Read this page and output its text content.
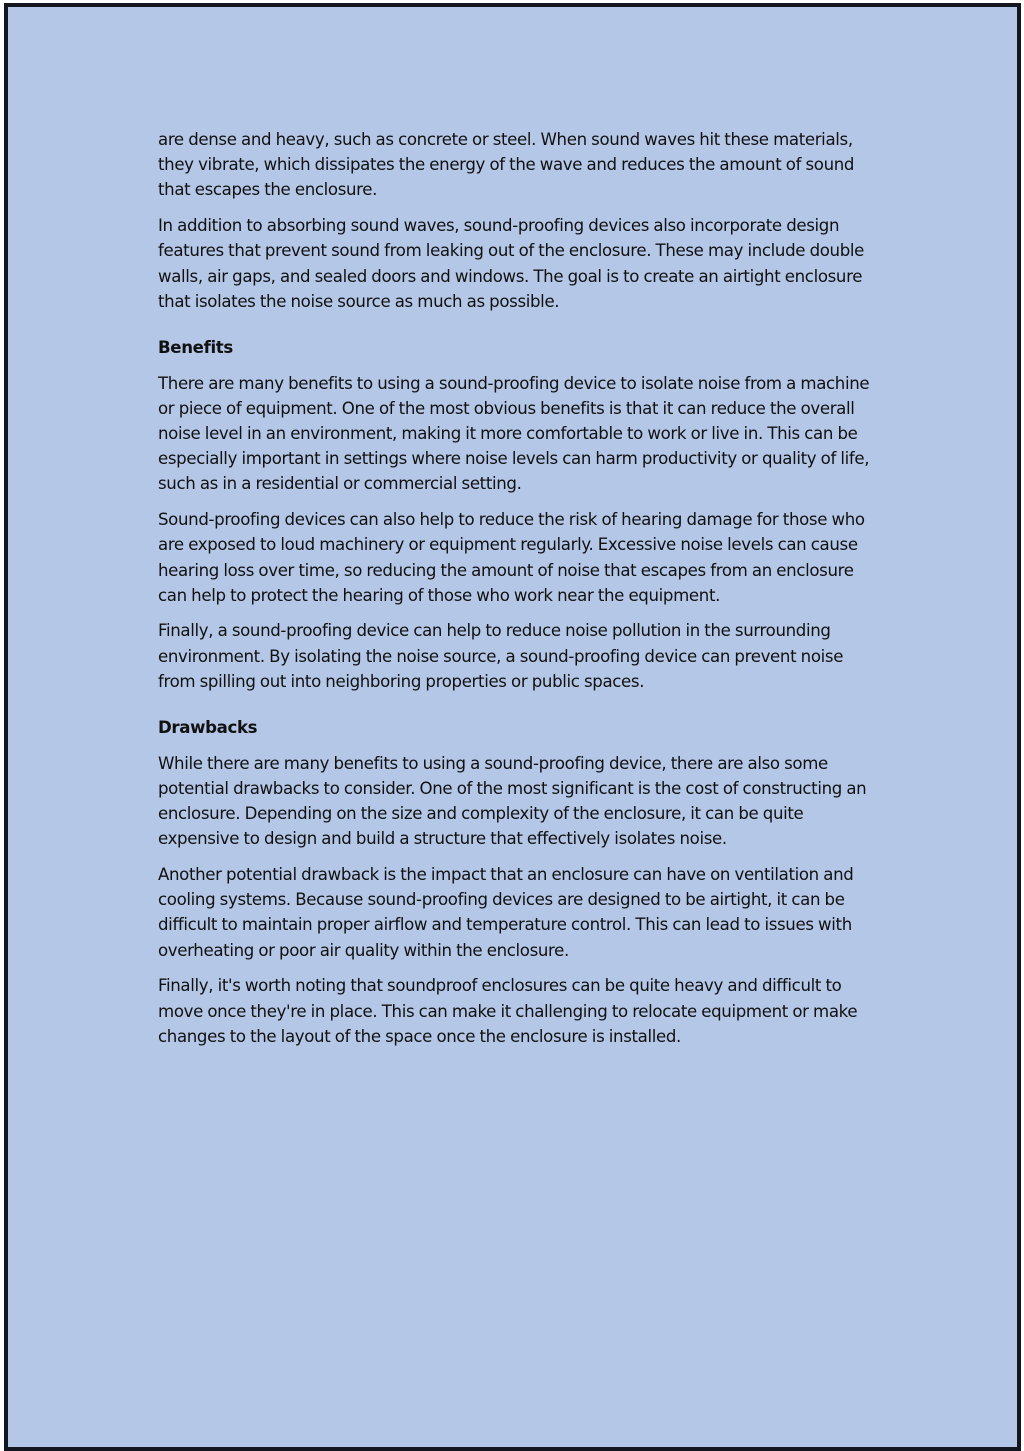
are dense and heavy, such as concrete or steel. When sound waves hit these materials, they vibrate, which dissipates the energy of the wave and reduces the amount of sound that escapes the enclosure.

In addition to absorbing sound waves, sound-proofing devices also incorporate design features that prevent sound from leaking out of the enclosure. These may include double walls, air gaps, and sealed doors and windows. The goal is to create an airtight enclosure that isolates the noise source as much as possible.

Benefits

There are many benefits to using a sound-proofing device to isolate noise from a machine or piece of equipment. One of the most obvious benefits is that it can reduce the overall noise level in an environment, making it more comfortable to work or live in. This can be especially important in settings where noise levels can harm productivity or quality of life, such as in a residential or commercial setting.

Sound-proofing devices can also help to reduce the risk of hearing damage for those who are exposed to loud machinery or equipment regularly. Excessive noise levels can cause hearing loss over time, so reducing the amount of noise that escapes from an enclosure can help to protect the hearing of those who work near the equipment.

Finally, a sound-proofing device can help to reduce noise pollution in the surrounding environment. By isolating the noise source, a sound-proofing device can prevent noise from spilling out into neighboring properties or public spaces.

Drawbacks

While there are many benefits to using a sound-proofing device, there are also some potential drawbacks to consider. One of the most significant is the cost of constructing an enclosure. Depending on the size and complexity of the enclosure, it can be quite expensive to design and build a structure that effectively isolates noise.

Another potential drawback is the impact that an enclosure can have on ventilation and cooling systems. Because sound-proofing devices are designed to be airtight, it can be difficult to maintain proper airflow and temperature control. This can lead to issues with overheating or poor air quality within the enclosure.

Finally, it's worth noting that soundproof enclosures can be quite heavy and difficult to move once they're in place. This can make it challenging to relocate equipment or make changes to the layout of the space once the enclosure is installed.
